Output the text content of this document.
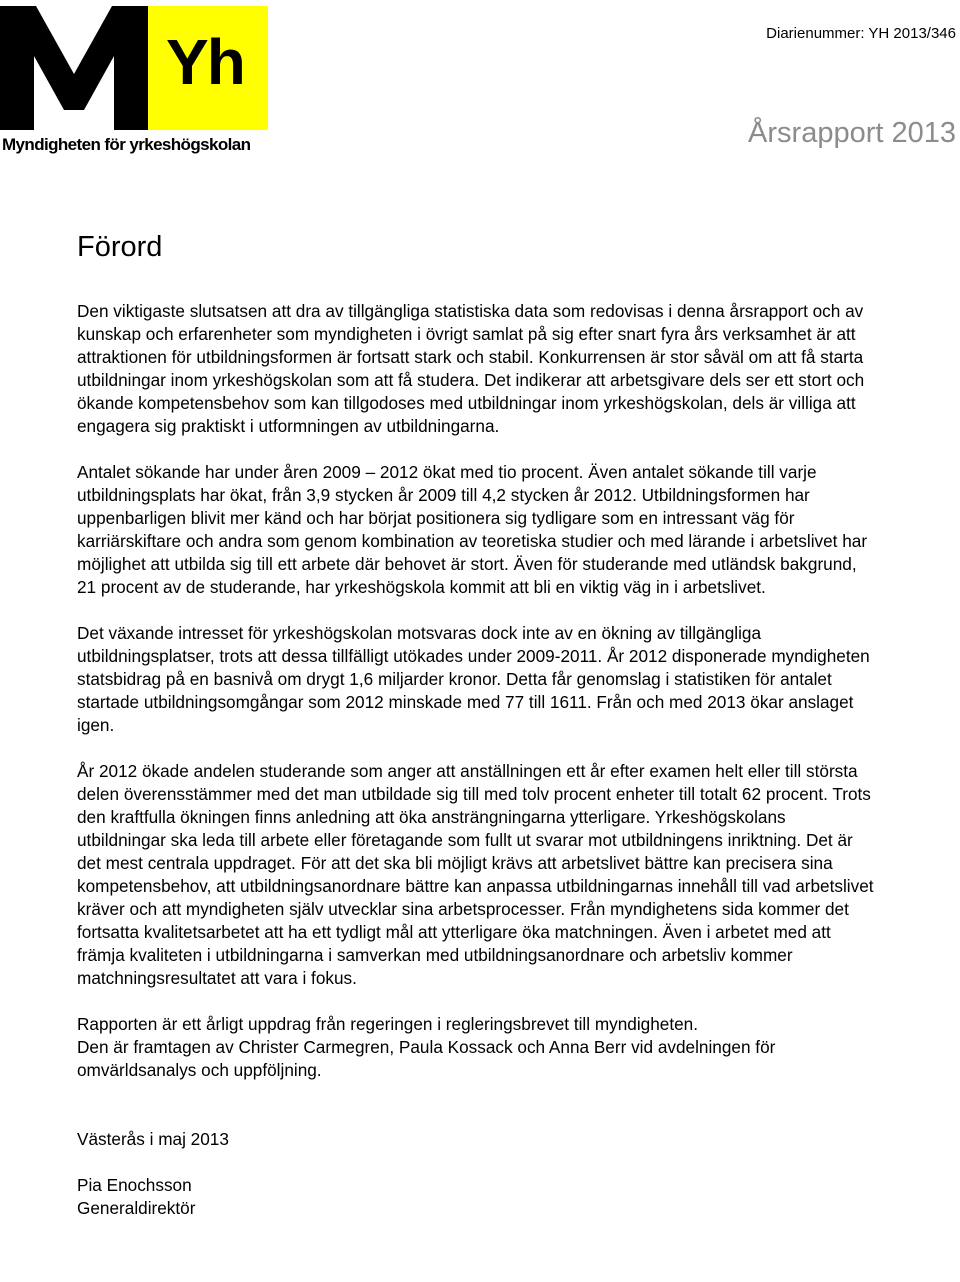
Yh
Myndigheten för yrkeshögskolan
Diarienummer: YH 2013/346
Årsrapport 2013
Förord

Den viktigaste slutsatsen att dra av tillgängliga statistiska data som redovisas i denna årsrapport och av kunskap och erfarenheter som myndigheten i övrigt samlat på sig efter snart fyra års verksamhet är att attraktionen för utbildningsformen är fortsatt stark och stabil. Konkurrensen är stor såväl om att få starta utbildningar inom yrkeshögskolan som att få studera. Det indikerar att arbetsgivare dels ser ett stort och ökande kompetensbehov som kan tillgodoses med utbildningar inom yrkeshögskolan, dels är villiga att engagera sig praktiskt i utformningen av utbildningarna.

Antalet sökande har under åren 2009 – 2012 ökat med tio procent. Även antalet sökande till varje utbildningsplats har ökat, från 3,9 stycken år 2009 till 4,2 stycken år 2012. Utbildningsformen har uppenbarligen blivit mer känd och har börjat positionera sig tydligare som en intressant väg för karriärskiftare och andra som genom kombination av teoretiska studier och med lärande i arbetslivet har möjlighet att utbilda sig till ett arbete där behovet är stort. Även för studerande med utländsk bakgrund, 21 procent av de studerande, har yrkeshögskola kommit att bli en viktig väg in i arbetslivet.

Det växande intresset för yrkeshögskolan motsvaras dock inte av en ökning av tillgängliga utbildningsplatser, trots att dessa tillfälligt utökades under 2009-2011. År 2012 disponerade myndigheten statsbidrag på en basnivå om drygt 1,6 miljarder kronor. Detta får genomslag i statistiken för antalet startade utbildningsomgångar som 2012 minskade med 77 till 1611. Från och med 2013 ökar anslaget igen.

År 2012 ökade andelen studerande som anger att anställningen ett år efter examen helt eller till största delen överensstämmer med det man utbildade sig till med tolv procent enheter till totalt 62 procent. Trots den kraftfulla ökningen finns anledning att öka ansträngningarna ytterligare. Yrkeshögskolans utbildningar ska leda till arbete eller företagande som fullt ut svarar mot utbildningens inriktning. Det är det mest centrala uppdraget. För att det ska bli möjligt krävs att arbetslivet bättre kan precisera sina kompetensbehov, att utbildningsanordnare bättre kan anpassa utbildningarnas innehåll till vad arbetslivet kräver och att myndigheten själv utvecklar sina arbetsprocesser. Från myndighetens sida kommer det fortsatta kvalitetsarbetet att ha ett tydligt mål att ytterligare öka matchningen. Även i arbetet med att främja kvaliteten i utbildningarna i samverkan med utbildningsanordnare och arbetsliv kommer matchningsresultatet att vara i fokus.

Rapporten är ett årligt uppdrag från regeringen i regleringsbrevet till myndigheten.

Den är framtagen av Christer Carmegren, Paula Kossack och Anna Berr vid avdelningen för omvärldsanalys och uppföljning.

Västerås i maj 2013

Pia Enochsson

Generaldirektör
